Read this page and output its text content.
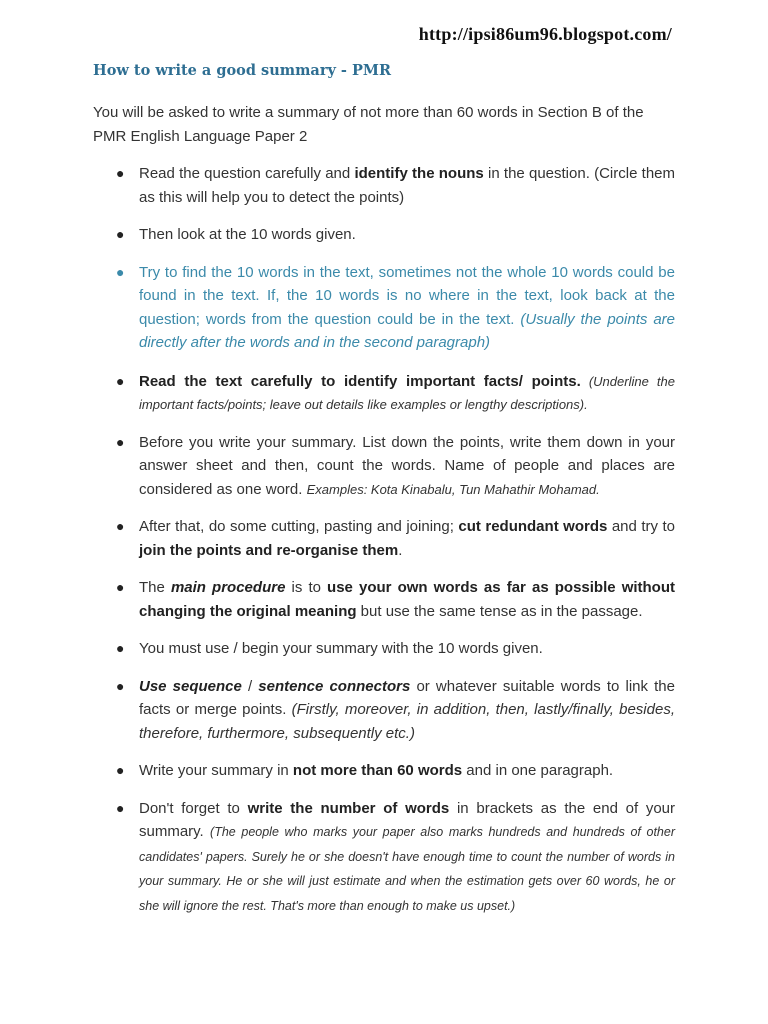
http://ipsi86um96.blogspot.com/
How to write a good summary - PMR
You will be asked to write a summary of not more than 60 words in Section B of the PMR English Language Paper 2
● Read the question carefully and identify the nouns in the question. (Circle them as this will help you to detect the points)
● Then look at the 10 words given.
● Try to find the 10 words in the text, sometimes not the whole 10 words could be found in the text. If, the 10 words is no where in the text, look back at the question; words from the question could be in the text. (Usually the points are directly after the words and in the second paragraph)
● Read the text carefully to identify important facts/ points. (Underline the important facts/points; leave out details like examples or lengthy descriptions).
● Before you write your summary. List down the points, write them down in your answer sheet and then, count the words. Name of people and places are considered as one word. Examples: Kota Kinabalu, Tun Mahathir Mohamad.
● After that, do some cutting, pasting and joining; cut redundant words and try to join the points and re-organise them.
● The main procedure is to use your own words as far as possible without changing the original meaning but use the same tense as in the passage.
● You must use / begin your summary with the 10 words given.
● Use sequence / sentence connectors or whatever suitable words to link the facts or merge points. (Firstly, moreover, in addition, then, lastly/finally, besides, therefore, furthermore, subsequently etc.)
● Write your summary in not more than 60 words and in one paragraph.
● Don't forget to write the number of words in brackets as the end of your summary. (The people who marks your paper also marks hundreds and hundreds of other candidates' papers. Surely he or she doesn't have enough time to count the number of words in your summary. He or she will just estimate and when the estimation gets over 60 words, he or she will ignore the rest. That's more than enough to make us upset.)
